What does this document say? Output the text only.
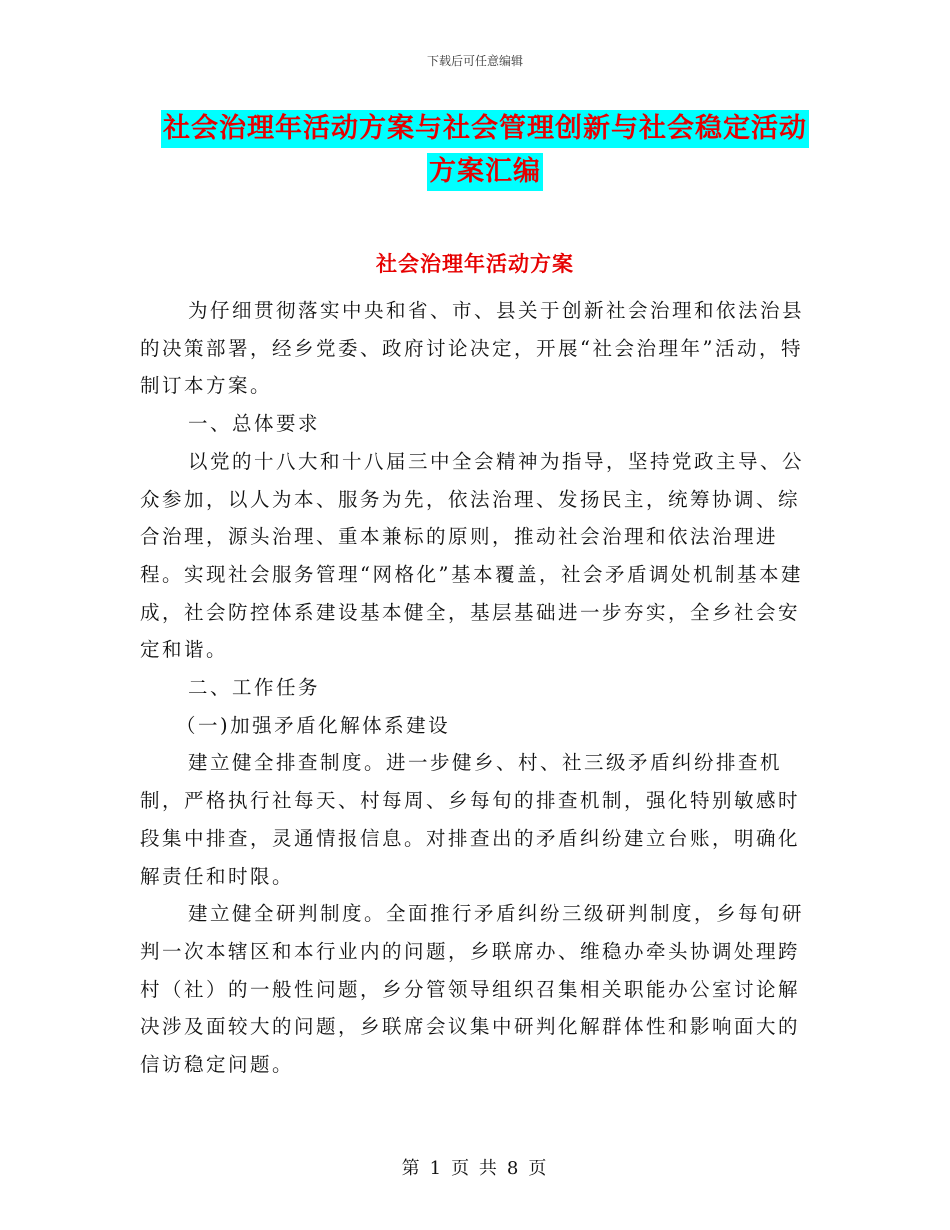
下载后可任意编辑
社会治理年活动方案与社会管理创新与社会稳定活动
方案汇编
社会治理年活动方案

为仔细贯彻落实中央和省、市、县关于创新社会治理和依法治县的决策部署，经乡党委、政府讨论决定，开展“社会治理年”活动，特制订本方案。

一、总体要求

以党的十八大和十八届三中全会精神为指导，坚持党政主导、公众参加，以人为本、服务为先，依法治理、发扬民主，统筹协调、综合治理，源头治理、重本兼标的原则，推动社会治理和依法治理进程。实现社会服务管理“网格化”基本覆盖，社会矛盾调处机制基本建成，社会防控体系建设基本健全，基层基础进一步夯实，全乡社会安定和谐。

二、工作任务

（一)加强矛盾化解体系建设

建立健全排查制度。进一步健乡、村、社三级矛盾纠纷排查机制，严格执行社每天、村每周、乡每旬的排查机制，强化特别敏感时段集中排查，灵通情报信息。对排查出的矛盾纠纷建立台账，明确化解责任和时限。

建立健全研判制度。全面推行矛盾纠纷三级研判制度，乡每旬研判一次本辖区和本行业内的问题，乡联席办、维稳办牵头协调处理跨村（社）的一般性问题，乡分管领导组织召集相关职能办公室讨论解决涉及面较大的问题，乡联席会议集中研判化解群体性和影响面大的信访稳定问题。

第 1 页 共 8 页
